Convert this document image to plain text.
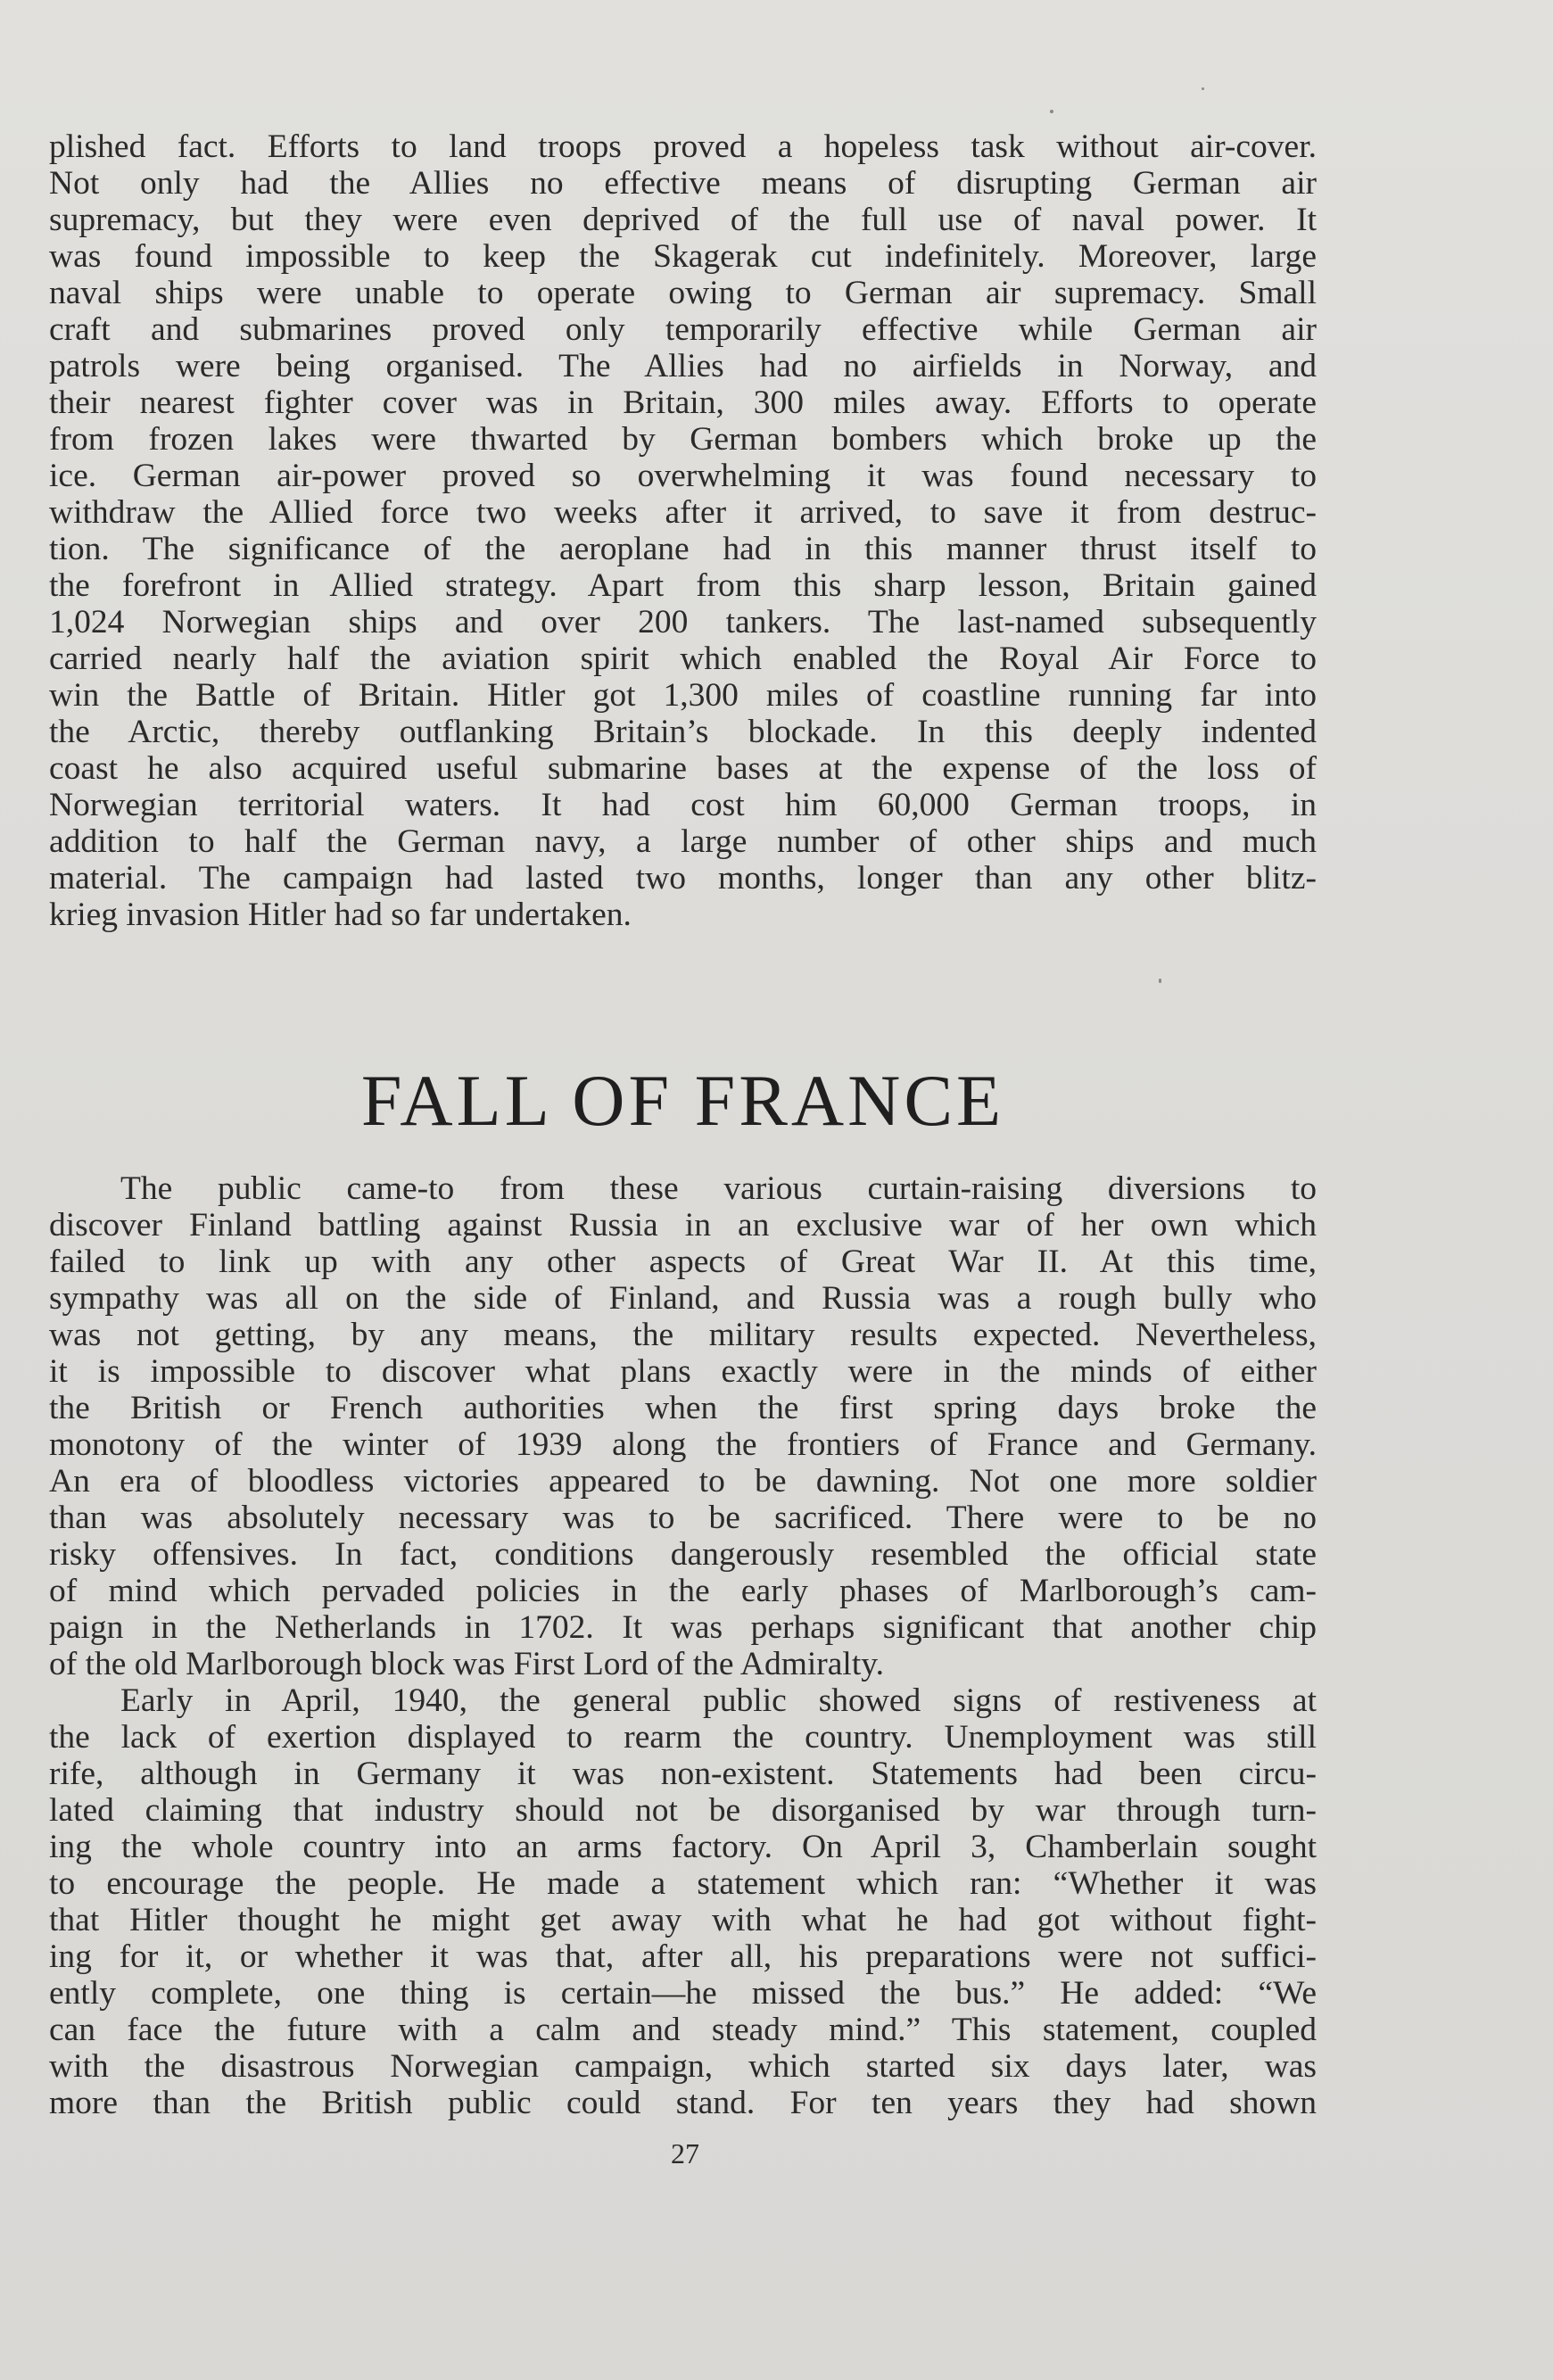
plished fact. Efforts to land troops proved a hopeless task without air-cover.
Not only had the Allies no effective means of disrupting German air
supremacy, but they were even deprived of the full use of naval power. It
was found impossible to keep the Skagerak cut indefinitely. Moreover, large
naval ships were unable to operate owing to German air supremacy. Small
craft and submarines proved only temporarily effective while German air
patrols were being organised. The Allies had no airfields in Norway, and
their nearest fighter cover was in Britain, 300 miles away. Efforts to operate
from frozen lakes were thwarted by German bombers which broke up the
ice. German air-power proved so overwhelming it was found necessary to
withdraw the Allied force two weeks after it arrived, to save it from destruc-
tion. The significance of the aeroplane had in this manner thrust itself to
the forefront in Allied strategy. Apart from this sharp lesson, Britain gained
1,024 Norwegian ships and over 200 tankers. The last-named subsequently
carried nearly half the aviation spirit which enabled the Royal Air Force to
win the Battle of Britain. Hitler got 1,300 miles of coastline running far into
the Arctic, thereby outflanking Britain’s blockade. In this deeply indented
coast he also acquired useful submarine bases at the expense of the loss of
Norwegian territorial waters. It had cost him 60,000 German troops, in
addition to half the German navy, a large number of other ships and much
material. The campaign had lasted two months, longer than any other blitz-
krieg invasion Hitler had so far undertaken.
FALL OF FRANCE
The public came-to from these various curtain-raising diversions to
discover Finland battling against Russia in an exclusive war of her own which
failed to link up with any other aspects of Great War II. At this time,
sympathy was all on the side of Finland, and Russia was a rough bully who
was not getting, by any means, the military results expected. Nevertheless,
it is impossible to discover what plans exactly were in the minds of either
the British or French authorities when the first spring days broke the
monotony of the winter of 1939 along the frontiers of France and Germany.
An era of bloodless victories appeared to be dawning. Not one more soldier
than was absolutely necessary was to be sacrificed. There were to be no
risky offensives. In fact, conditions dangerously resembled the official state
of mind which pervaded policies in the early phases of Marlborough’s cam-
paign in the Netherlands in 1702. It was perhaps significant that another chip
of the old Marlborough block was First Lord of the Admiralty.
Early in April, 1940, the general public showed signs of restiveness at
the lack of exertion displayed to rearm the country. Unemployment was still
rife, although in Germany it was non-existent. Statements had been circu-
lated claiming that industry should not be disorganised by war through turn-
ing the whole country into an arms factory. On April 3, Chamberlain sought
to encourage the people. He made a statement which ran: “Whether it was
that Hitler thought he might get away with what he had got without fight-
ing for it, or whether it was that, after all, his preparations were not suffici-
ently complete, one thing is certain—he missed the bus.” He added: “We
can face the future with a calm and steady mind.” This statement, coupled
with the disastrous Norwegian campaign, which started six days later, was
more than the British public could stand. For ten years they had shown
27
